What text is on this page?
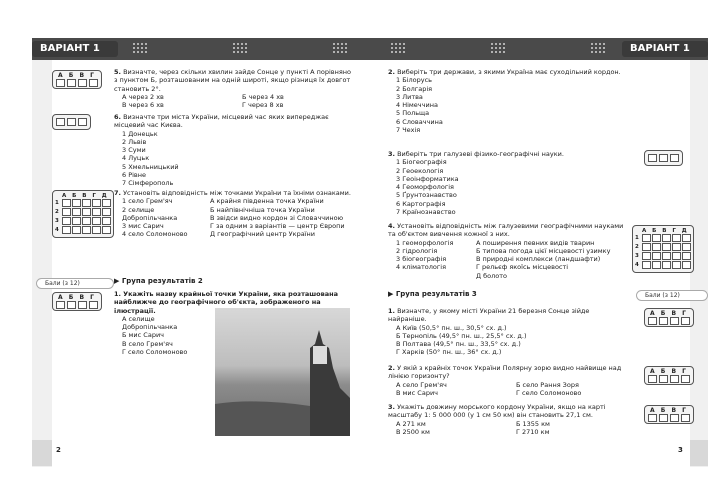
ВАРІАНТ 1
А Б В Г
А Б В Г Д
1
2
3
4
Бали (з 12)
А Б В Г
5. Визначте, через скільки хвилин зайде Сонце у пункті А порівняно з пунктом Б, розташованим на одній широті, якщо різниця їх довгот становить 2°.
А через 2 хв
В через 6 хв
Б через 4 хв
Г через 8 хв
6. Визначте три міста України, місцевий час яких випереджає місцевий час Києва.
1 Донецьк
2 Львів
3 Суми
4 Луцьк
5 Хмельницький
6 Рівне
7 Сімферополь
7. Установіть відповідність між точками України та їхніми ознаками.
1 село Грем'яч
2 селище Добропільчанка
3 мис Сарич
4 село Соломоново
А крайня південна точка України
Б найпівнічніша точка України
В звідси видно кордон зі Словаччиною
Г за одним з варіантів — центр Європи
Д географічний центр України
▶ Група результатів 2
1. Укажіть назву крайньої точки України, яка розташована найближче до географічного об'єкта, зображеного на ілюстрації.
А селище Добропільчанка
Б мис Сарич
В село Грем'яч
Г село Соломоново
2
ВАРІАНТ 1
2. Виберіть три держави, з якими Україна має суходільний кордон.
1 Білорусь
2 Болгарія
3 Литва
4 Німеччина
5 Польща
6 Словаччина
7 Чехія
3. Виберіть три галузеві фізико-географічні науки.
1 Біогеографія
2 Геоекологія
3 Геоінформатика
4 Геоморфологія
5 Ґрунтознавство
6 Картографія
7 Країнознавство
4. Установіть відповідність між галузевими географічними науками та об'єктом вивчення кожної з них.
1 геоморфологія
2 гідрологія
3 біогеографія
4 кліматологія
А поширення певних видів тварин
Б типова погода цієї місцевості узимку
В природні комплекси (ландшафти)
Г рельєф якоїсь місцевості
Д болото
▶ Група результатів 3
1. Визначте, у якому місті України 21 березня Сонце зійде найраніше.
А Київ (50,5° пн. ш., 30,5° сх. д.)
Б Тернопіль (49,5° пн. ш., 25,5° сх. д.)
В Полтава (49,5° пн. ш., 33,5° сх. д.)
Г Харків (50° пн. ш., 36° сх. д.)
2. У якій з крайніх точок України Полярну зорю видно найвище над лінією горизонту?
А село Грем'яч
В мис Сарич
Б село Рання Зоря
Г село Соломоново
3. Укажіть довжину морського кордону України, якщо на карті масштабу 1: 5 000 000 (у 1 см 50 км) він становить 27,1 см.
А 271 км
В 2500 км
Б 1355 км
Г 2710 км
А Б В Г Д
1
2
3
4
Бали (з 12)
А Б В Г
А Б В Г
А Б В Г
3
